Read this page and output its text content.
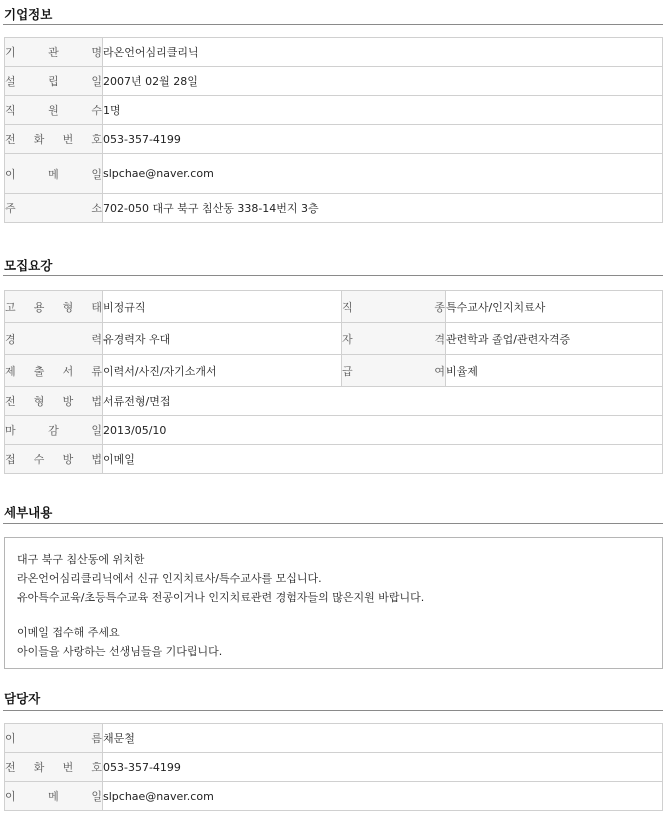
기업정보
기 관 명	라온언어심리클리닉

설 립 일	2007년 02월 28일

직 원 수	1명

전 화 번 호	053-357-4199

이 메 일	slpchae@naver.com

주 소	702-050 대구 북구 침산동 338-14번지 3층
모집요강
고 용 형 태	비정규직	직 종	특수교사/인지치료사

경 력	유경력자 우대	자 격	관련학과 졸업/관련자격증

제 출 서 류	이력서/사진/자기소개서	급 여	비율제

전 형 방 법	서류전형/면접		

마 감 일	2013/05/10		

접 수 방 법	이메일		
세부내용
대구 북구 침산동에 위치한
라온언어심리클리닉에서 신규 인지치료사/특수교사를 모십니다.
유아특수교육/초등특수교육 전공이거나 인지치료관련 경험자들의 많은지원 바랍니다.
이메일 접수해 주세요
아이들을 사랑하는 선생님들을 기다립니다.
담당자
이 름	채문철

전 화 번 호	053-357-4199

이 메 일	slpchae@naver.com
